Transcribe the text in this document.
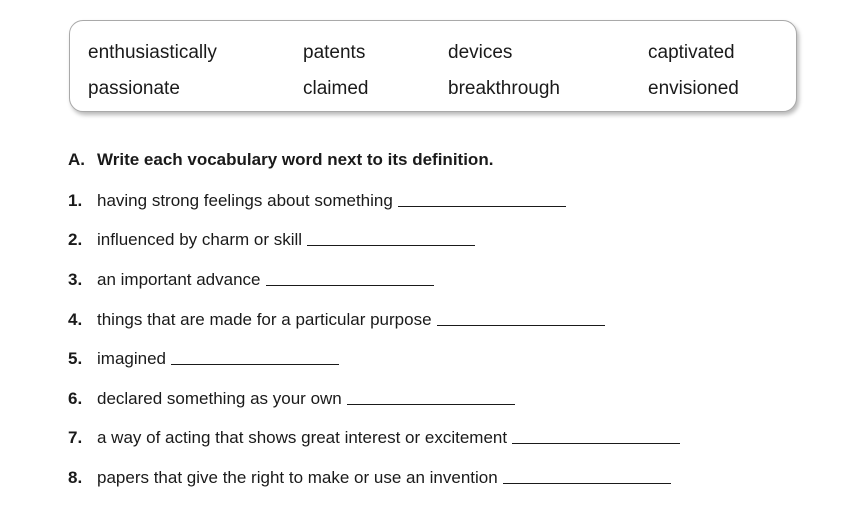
enthusiastically	patents	devices	captivated
passionate	claimed	breakthrough	envisioned
A. Write each vocabulary word next to its definition.
1. having strong feelings about something
2. influenced by charm or skill
3. an important advance
4. things that are made for a particular purpose
5. imagined
6. declared something as your own
7. a way of acting that shows great interest or excitement
8. papers that give the right to make or use an invention
